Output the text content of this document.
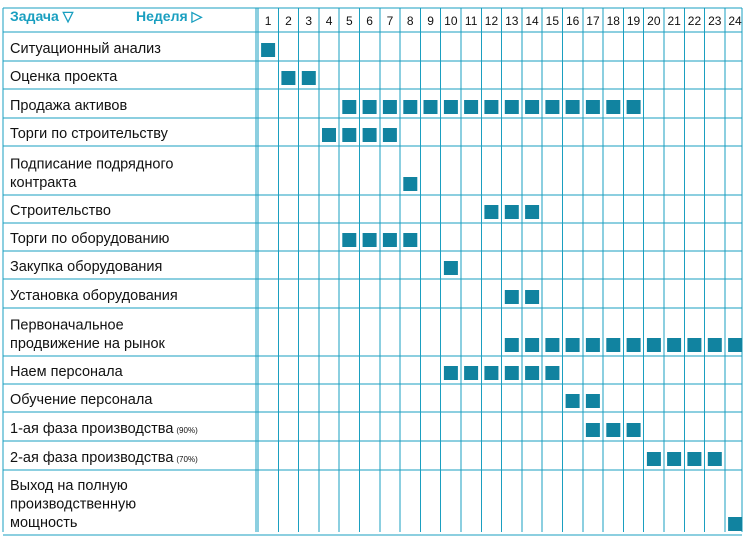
Задача ▽	Неделя ▷	1 2 3 4 5 6 7 8 9 10 11 12 13 14 15 16 17 18 19 20 21 22 23 24
Ситуационный анализ
Оценка проекта
Продажа активов
Торги по строительству
Подписание подрядного
контракта
Строительство
Торги по оборудованию
Закупка оборудования
Установка оборудования
Первоначальное
продвижение на рынок
Наем персонала
Обучение персонала
1-ая фаза производства (90%)
2-ая фаза производства (70%)
Выход на полную
производственную
мощность
